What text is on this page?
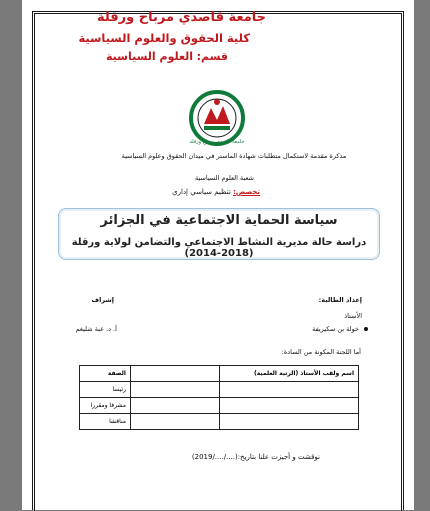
جامعة قاصدي مرباح ورقلة
كلية الحقوق والعلوم السياسية
قسم: العلوم السياسية
جامعة قاصدي مرباح ورقلة
مذكرة مقدمة لاستكمال متطلبات شهادة الماستر في ميدان الحقوق وعلوم السياسية
شعبة العلوم السياسية
تخصص: تنظيم سياسي إداري
سياسة الحماية الاجتماعية في الجزائر
دراسة حالة مديرية النشاط الاجتماعي والتضامن لولاية ورقلة (2018-2014)
إعداد الطالبة:
إشراف
الأستاذ
خولة بن سكيريفة
أ. د. عبة شليغم
أما اللجنة المكونة من السادة:
اسم ولقب الأستاذ (الرتبة العلمية)		الصفة
		رئيسا
		مشرفا ومقررا
		مناقشا
نوقشت و أجيزت علنا بتاريخ:(..../..../2019)
